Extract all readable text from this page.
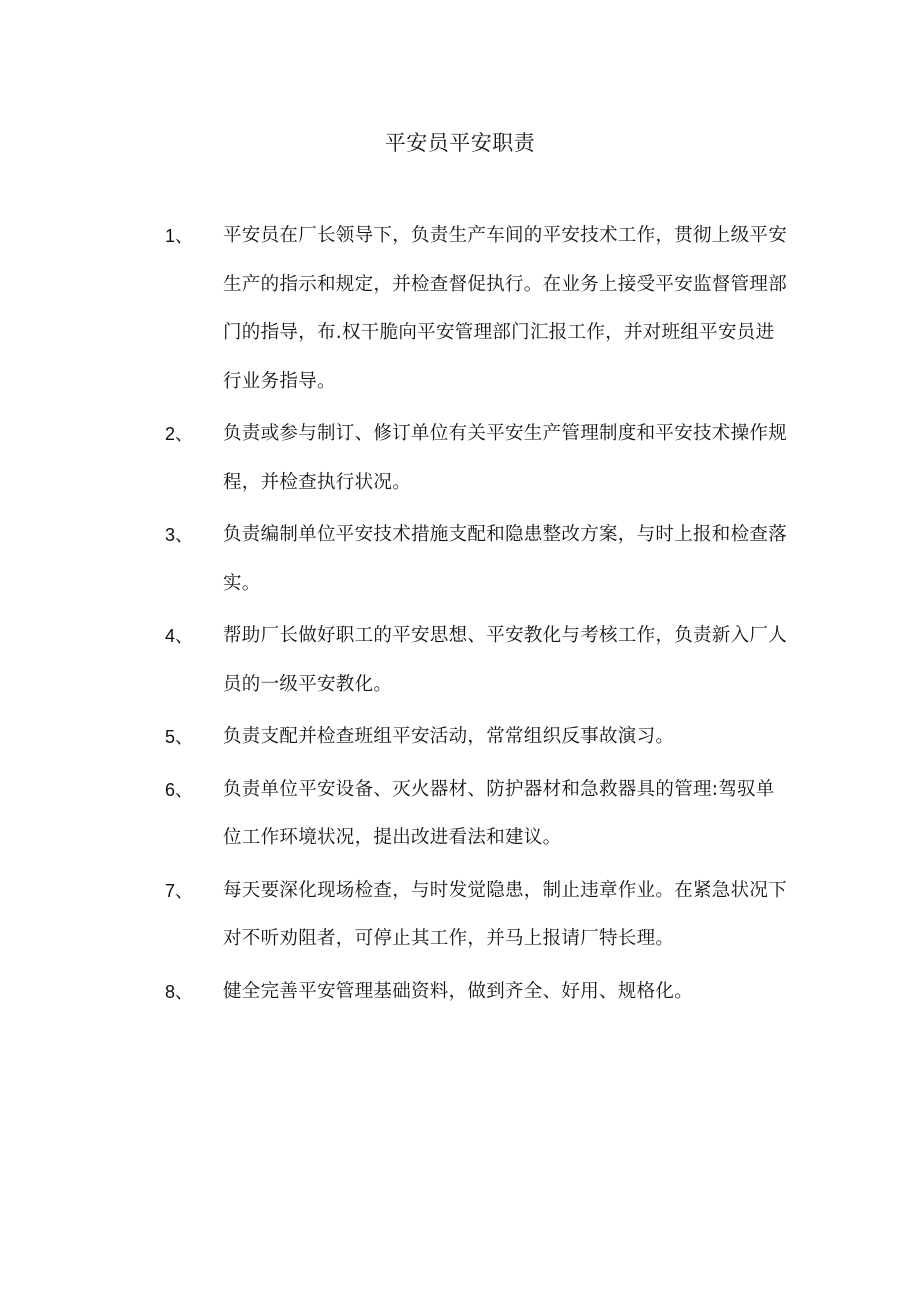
平安员平安职责
1、	平安员在厂长领导下，负责生产车间的平安技术工作，贯彻上级平安生产的指示和规定，并检查督促执行。在业务上接受平安监督管理部门的指导，布.权干脆向平安管理部门汇报工作，并对班组平安员进行业务指导。
2、	负责或参与制订、修订单位有关平安生产管理制度和平安技术操作规程，并检查执行状况。
3、	负责编制单位平安技术措施支配和隐患整改方案，与时上报和检查落实。
4、	帮助厂长做好职工的平安思想、平安教化与考核工作，负责新入厂人员的一级平安教化。
5、	负责支配并检查班组平安活动，常常组织反事故演习。
6、	负责单位平安设备、灭火器材、防护器材和急救器具的管理:驾驭单位工作环境状况，提出改进看法和建议。
7、	每天要深化现场检查，与时发觉隐患，制止违章作业。在紧急状况下对不听劝阻者，可停止其工作，并马上报请厂特长理。
8、	健全完善平安管理基础资料，做到齐全、好用、规格化。
